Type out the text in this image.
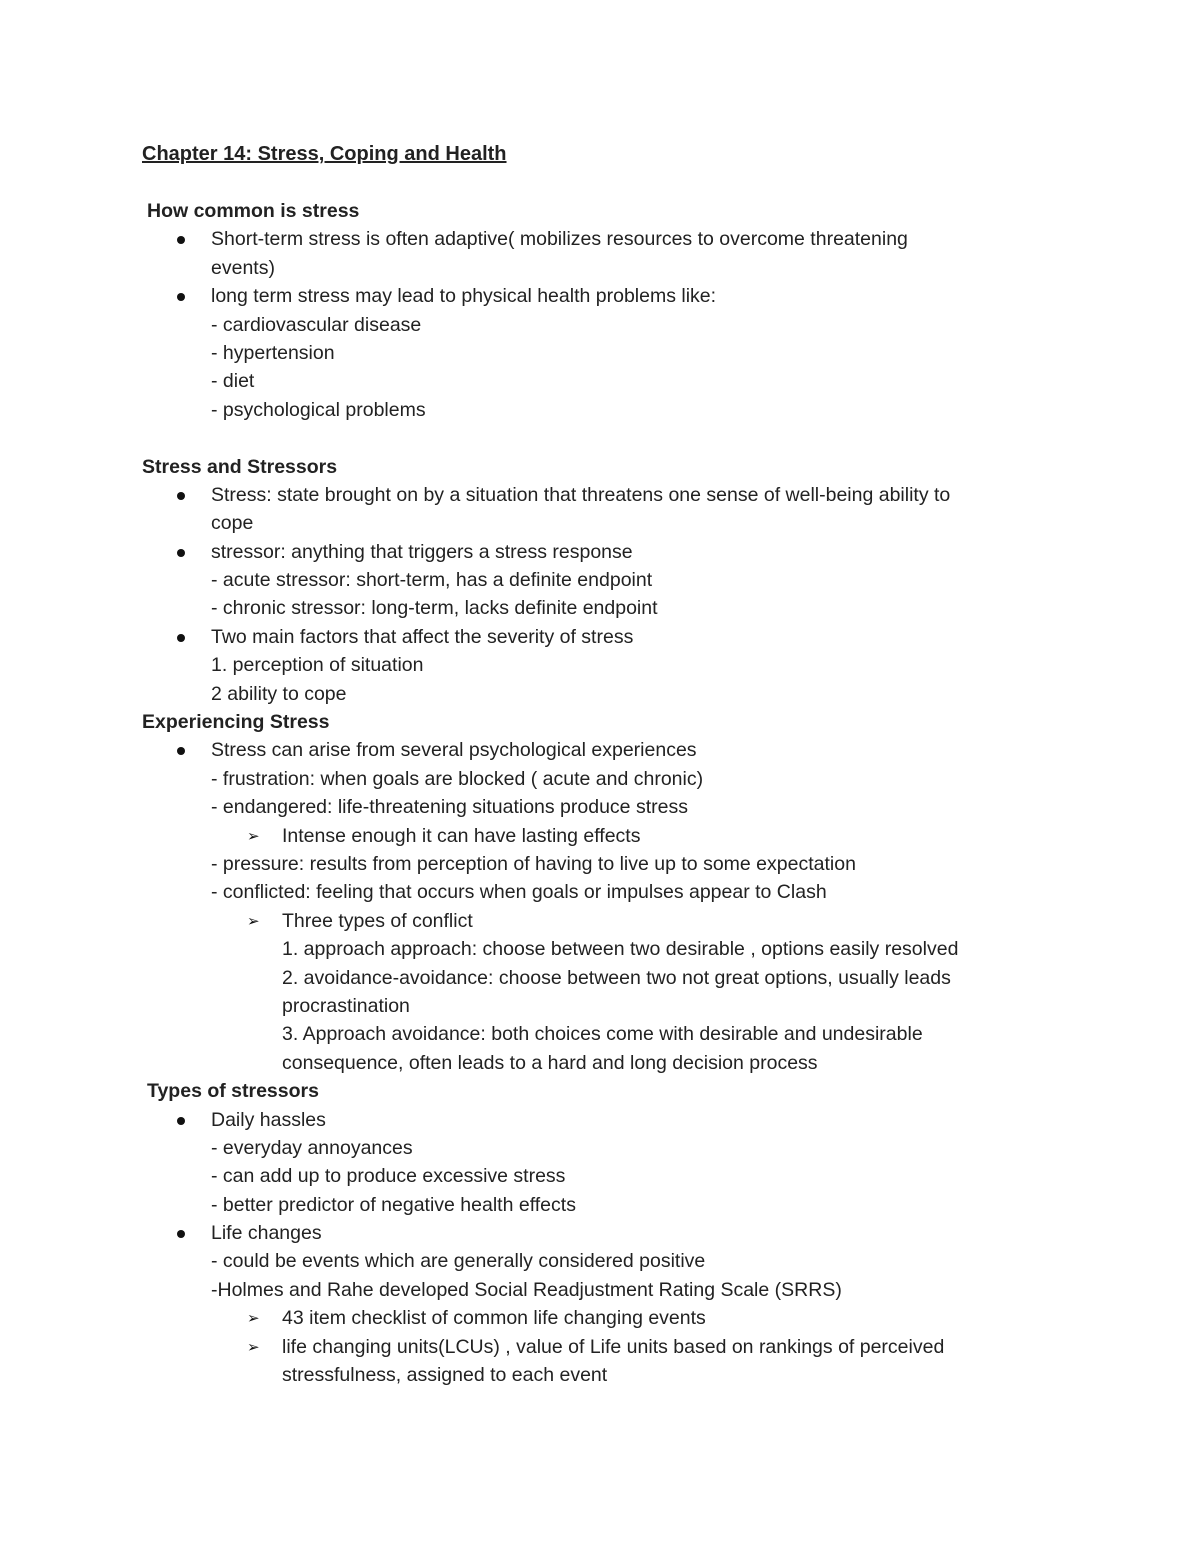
Chapter 14: Stress, Coping and Health
How common is stress
Short-term stress is often adaptive( mobilizes resources to overcome threatening
events)
long term stress may lead to physical health problems like:
- cardiovascular disease
- hypertension
- diet
- psychological problems
Stress and Stressors
Stress: state brought on by a situation that threatens one sense of well-being ability to
cope
stressor: anything that triggers a stress response
- acute stressor: short-term, has a definite endpoint
- chronic stressor: long-term, lacks definite endpoint
Two main factors that affect the severity of stress
1. perception of situation
2 ability to cope
Experiencing Stress
Stress can arise from several psychological experiences
- frustration: when goals are blocked ( acute and chronic)
- endangered: life-threatening situations produce stress
➢ Intense enough it can have lasting effects
- pressure: results from perception of having to live up to some expectation
- conflicted: feeling that occurs when goals or impulses appear to Clash
➢ Three types of conflict
1. approach approach: choose between two desirable , options easily resolved
2. avoidance-avoidance: choose between two not great options, usually leads
procrastination
3. Approach avoidance: both choices come with desirable and undesirable
consequence, often leads to a hard and long decision process
Types of stressors
Daily hassles
- everyday annoyances
- can add up to produce excessive stress
- better predictor of negative health effects
Life changes
- could be events which are generally considered positive
-Holmes and Rahe developed Social Readjustment Rating Scale (SRRS)
➢ 43 item checklist of common life changing events
➢ life changing units(LCUs) , value of Life units based on rankings of perceived
stressfulness, assigned to each event
